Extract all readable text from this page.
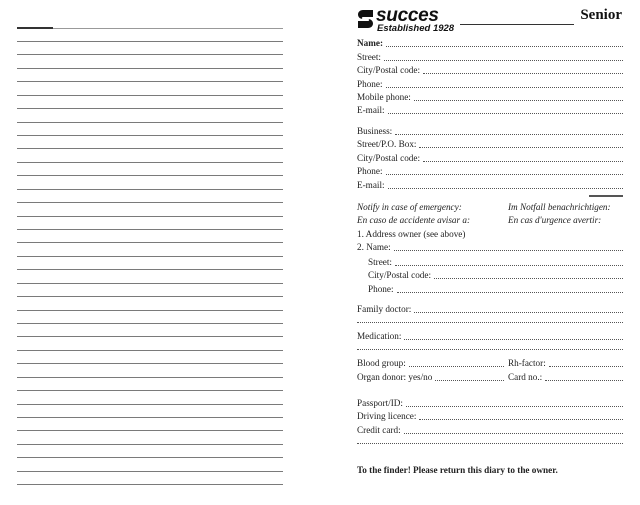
succes
Established 1928
Senior
Name:
Street:
City/Postal code:
Phone:
Mobile phone:
E-mail:
Business:
Street/P.O. Box:
City/Postal code:
Phone:
E-mail:
Notify in case of emergency:	Im Notfall benachrichtigen:
En caso de accidente avisar a:	En cas d'urgence avertir:
1. Address owner (see above)
2. Name:
Street:
City/Postal code:
Phone:
Family doctor:
Medication:
Blood group:	Rh-factor:
Organ donor: yes/no	Card no.:
Passport/ID:
Driving licence:
Credit card:
To the finder! Please return this diary to the owner.
